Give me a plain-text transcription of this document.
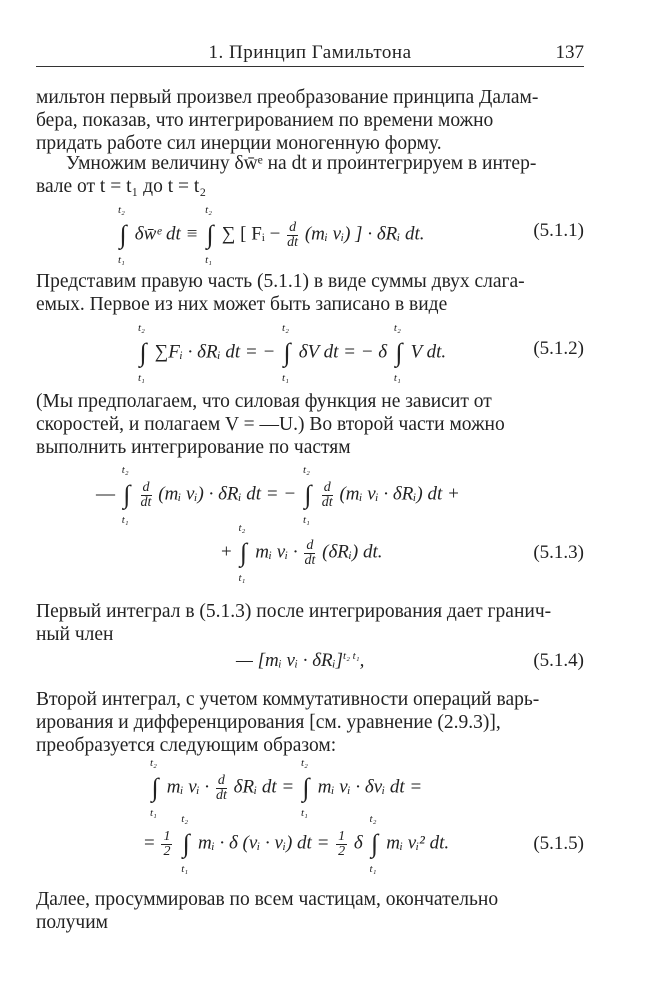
1. Принцип Гамильтона	137
мильтон первый произвел преобразование принципа Далам-
бера, показав, что интегрированием по времени можно
придать работе сил инерции моногенную форму.
Умножим величину δw̄ᵉ на dt и проинтегрируем в интер-
вале от t = t₁ до t = t₂
∫
t₂
t₁
δw̄ᵉ dt ≡ ∫
t₂
t₁
∑ [ Fᵢ − $\frac{d}{dt}$ (mᵢ vᵢ) ] · δRᵢ dt.	(5.1.1)
Представим правую часть (5.1.1) в виде суммы двух слага-
емых. Первое из них может быть записано в виде
∫
t₂
t₁
∑Fᵢ · δRᵢ dt = − ∫
t₂
t₁
δV dt = − δ ∫
t₂
t₁
V dt.	(5.1.2)
(Мы предполагаем, что силовая функция не зависит от
скоростей, и полагаем V = —U.) Во второй части можно
выполнить интегрирование по частям
— ∫
t₂
t₁

$\frac{d}{dt}$ (mᵢ vᵢ) · δRᵢ dt = − ∫
t₂
t₁

$\frac{d}{dt}$ (mᵢ vᵢ · δRᵢ) dt +
+ ∫
t₂
t₁
mᵢ vᵢ · $\frac{d}{dt}$ (δRᵢ) dt.	(5.1.3)
Первый интеграл в (5.1.3) после интегрирования дает гранич-
ный член
— [mᵢ vᵢ · δRᵢ]$^{t_2 t_1}$,	(5.1.4)
Второй интеграл, с учетом коммутативности операций варь-
ирования и дифференцирования [см. уравнение (2.9.3)],
преобразуется следующим образом:
∫
t₂
t₁
mᵢ vᵢ · $\frac{d}{dt}$ δRᵢ dt = ∫
t₂
t₁
mᵢ vᵢ · δvᵢ dt =
= $\frac{1}{2}$ ∫
t₂
t₁
mᵢ · δ (vᵢ · vᵢ) dt = $\frac{1}{2}$ δ ∫
t₂
t₁
mᵢ vᵢ² dt.	(5.1.5)
Далее, просуммировав по всем частицам, окончательно
получим
